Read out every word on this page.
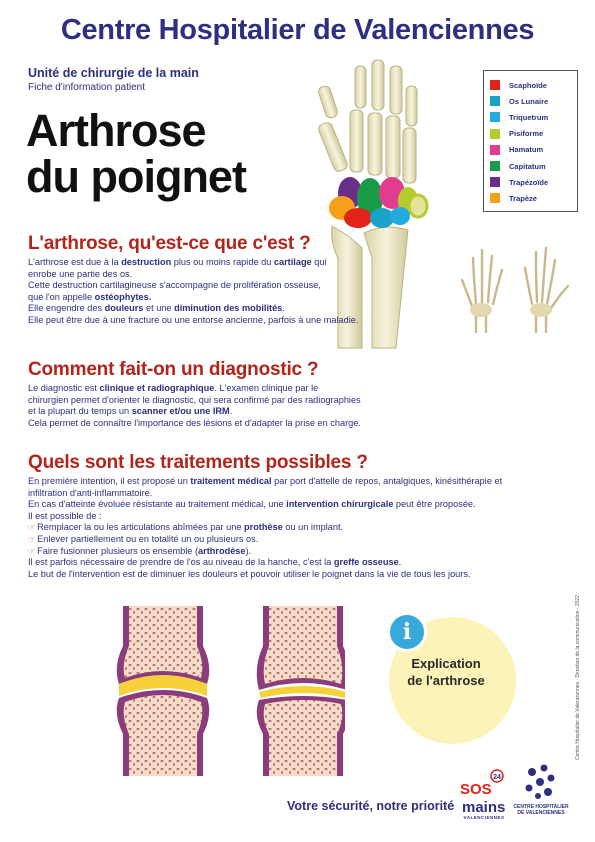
Centre Hospitalier de Valenciennes
Unité de chirurgie de la main
Fiche d'information patient
Arthrose
du poignet
Scaphoïde
Os Lunaire
Triquetrum
Pisiforme
Hamatum
Capitatum
Trapézoïde
Trapèze
L'arthrose, qu'est-ce que c'est ?

L'arthrose est due à la destruction plus ou moins rapide du cartilage qui

enrobe une partie des os.

Cette destruction cartilagineuse s'accompagne de prolifération osseuse,

que l'on appelle ostéophytes.

Elle engendre des douleurs et une diminution des mobilités.

Elle peut être due à une fracture ou une entorse ancienne, parfois à une maladie.

Comment fait-on un diagnostic ?

Le diagnostic est clinique et radiographique. L'examen clinique par le

chirurgien permet d'orienter le diagnostic, qui sera confirmé par des radiographies

et la plupart du temps un scanner et/ou une IRM.

Cela permet de connaître l'importance des lésions et d'adapter la prise en charge.

Quels sont les traitements possibles ?

En première intention, il est proposé un traitement médical par port d'attelle de repos, antalgiques, kinésithérapie et

infiltration d'anti-inflammatoire.

En cas d'atteinte évoluée résistante au traitement médical, une intervention chirurgicale peut être proposée.

Il est possible de :

☞ Remplacer la ou les articulations abîmées par une prothèse ou un implant.

☞ Enlever partiellement ou en totalité un ou plusieurs os.

☞ Faire fusionner plusieurs os ensemble (arthrodèse).

Il est parfois nécessaire de prendre de l'os au niveau de la hanche, c'est la greffe osseuse.

Le but de l'intervention est de diminuer les douleurs et pouvoir utiliser le poignet dans la vie de tous les jours.

i
Explication
de l'arthrose
Votre sécurité, notre priorité
Centre Hospitalier de Valenciennes - Direction de la communication - 2022
24
SOS
mains
VALENCIENNES
CENTRE HOSPITALIER
DE VALENCIENNES
